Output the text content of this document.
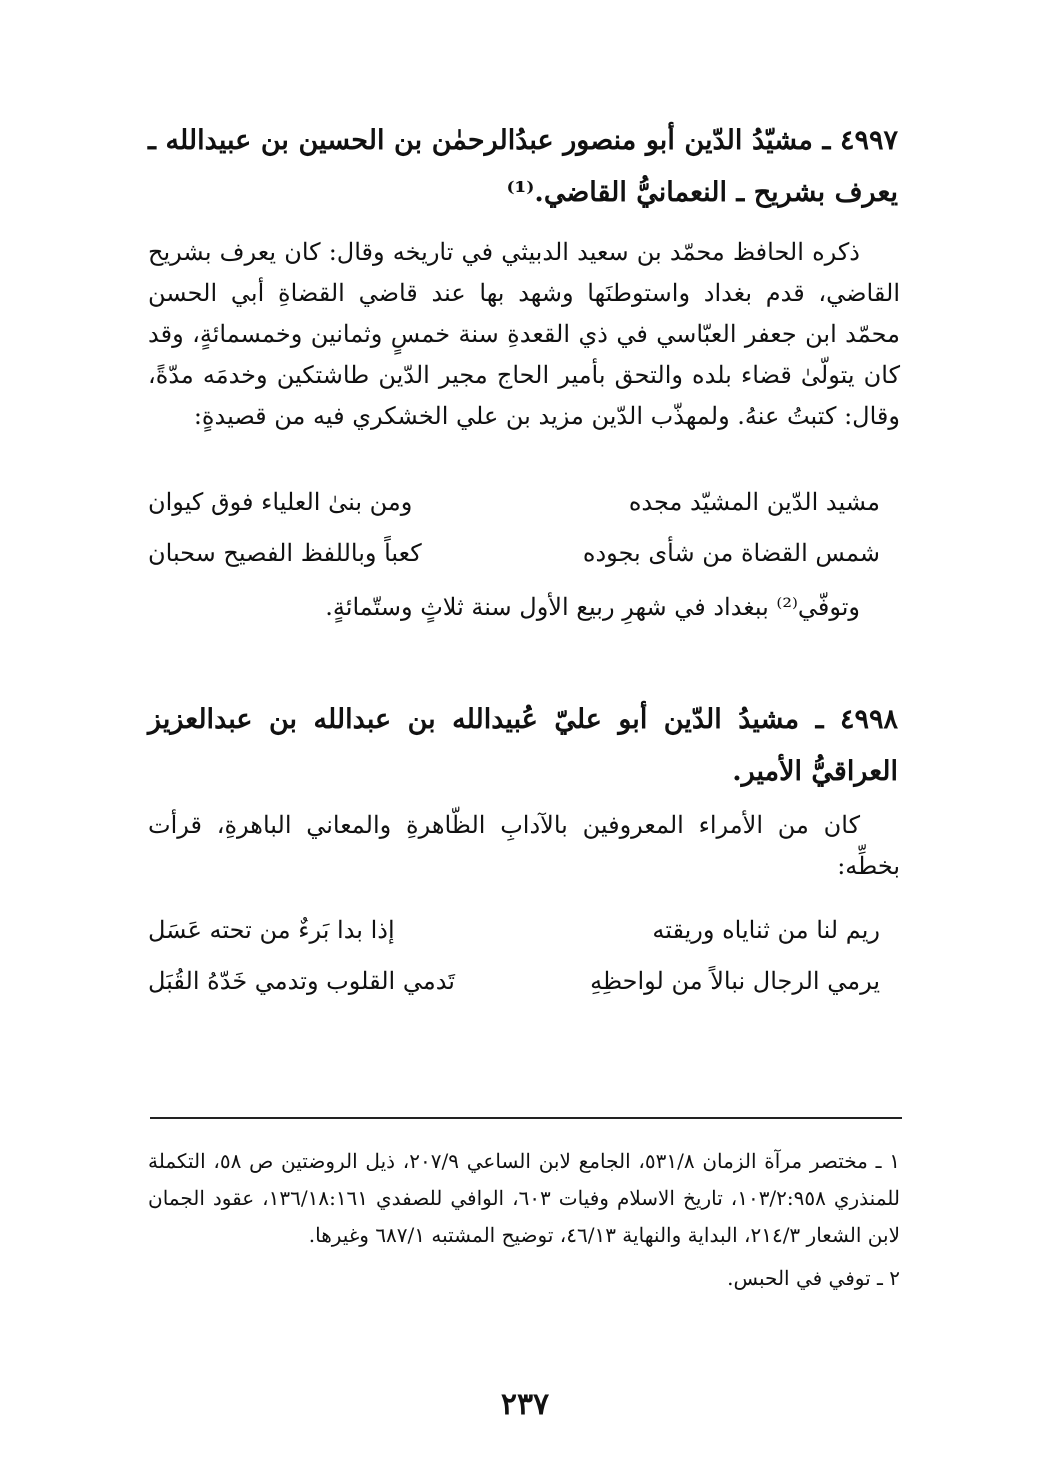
٤٩٩٧ ـ مشيّدُ الدّين أبو منصور عبدُالرحمٰن بن الحسين بن عبيدالله ـ يعرف بشريح ـ النعمانيُّ القاضي.⁽¹⁾

ذكره الحافظ محمّد بن سعيد الدبيثي في تاريخه وقال: كان يعرف بشريح القاضي، قدم بغداد واستوطنَها وشهد بها عند قاضي القضاةِ أبي الحسن محمّد ابن جعفر العبّاسي في ذي القعدةِ سنة خمسٍ وثمانين وخمسمائةٍ، وقد كان يتولّىٰ قضاء بلده والتحق بأمير الحاج مجير الدّين طاشتكين وخدمَه مدّةً، وقال: كتبتُ عنهُ. ولمهذّب الدّين مزيد بن علي الخشكري فيه من قصيدةٍ:

مشيد الدّين المشيّد مجده
ومن بنىٰ العلياء فوق كيوان
شمس القضاة من شأى بجوده
كعباً وباللفظ الفصيح سحبان

وتوفّي⁽²⁾ ببغداد في شهرِ ربيع الأول سنة ثلاثٍ وستّمائةٍ.

٤٩٩٨ ـ مشيدُ الدّين أبو عليّ عُبيدالله بن عبدالله بن عبدالعزيز العراقيُّ الأمير.

كان من الأمراء المعروفين بالآدابِ الظّاهرةِ والمعاني الباهرةِ، قرأت بخطِّه:

ريم لنا من ثناياه وريقته
إذا بدا بَرءٌ من تحته عَسَل
يرمي الرجال نبالاً من لواحظِهِ
تَدمي القلوب وتدمي خَدّهُ القُبَل

١ ـ مختصر مرآة الزمان ٥٣١/٨، الجامع لابن الساعي ٢٠٧/٩، ذيل الروضتين ص ٥٨، التكملة للمنذري ١٠٣/٢:٩٥٨، تاريخ الاسلام وفيات ٦٠٣، الوافي للصفدي ١٣٦/١٨:١٦١، عقود الجمان لابن الشعار ٢١٤/٣، البداية والنهاية ٤٦/١٣، توضيح المشتبه ٦٨٧/١ وغيرها.

٢ ـ توفي في الحبس.

٢٣٧
